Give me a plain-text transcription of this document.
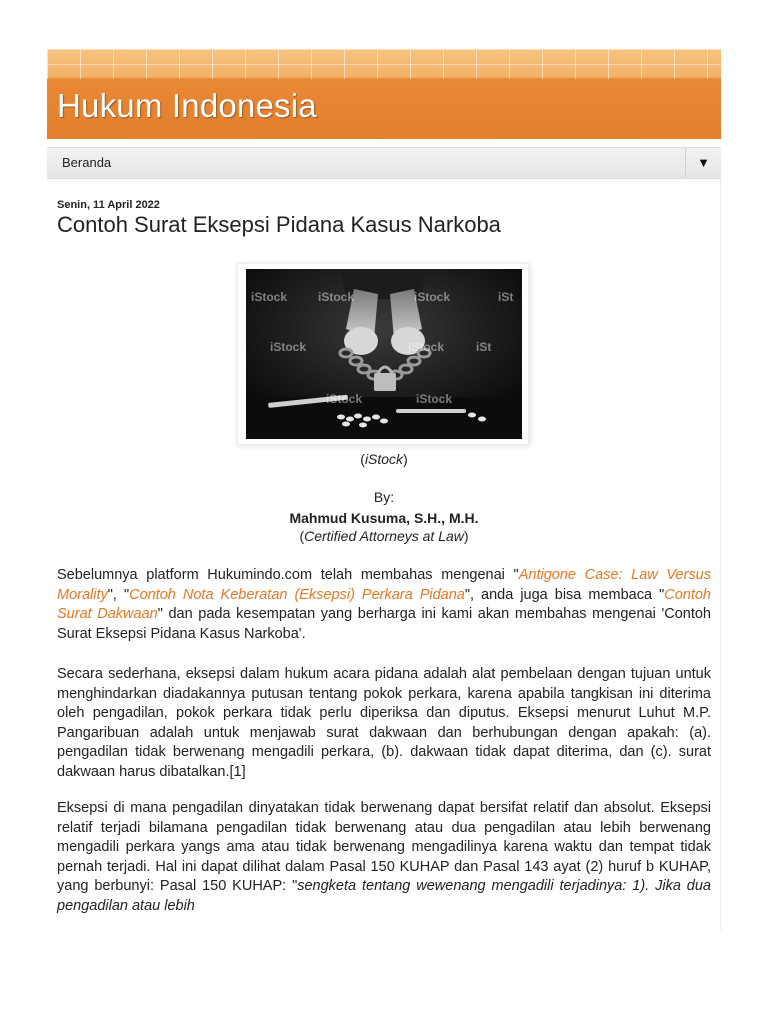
Hukum Indonesia
Beranda	▼
Senin, 11 April 2022
Contoh Surat Eksepsi Pidana Kasus Narkoba
iStock	iStock	iStock	iSt
iStock	iStock	iSt
iStock	iStock
(iStock)
By:
Mahmud Kusuma, S.H., M.H.
(Certified Attorneys at Law)

Sebelumnya platform Hukumindo.com telah membahas mengenai "Antigone Case: Law Versus Morality", "Contoh Nota Keberatan (Eksepsi) Perkara Pidana", anda juga bisa membaca "Contoh Surat Dakwaan" dan pada kesempatan yang berharga ini kami akan membahas mengenai 'Contoh Surat Eksepsi Pidana Kasus Narkoba'.

Secara sederhana, eksepsi dalam hukum acara pidana adalah alat pembelaan dengan tujuan untuk menghindarkan diadakannya putusan tentang pokok perkara, karena apabila tangkisan ini diterima oleh pengadilan, pokok perkara tidak perlu diperiksa dan diputus. Eksepsi menurut Luhut M.P. Pangaribuan adalah untuk menjawab surat dakwaan dan berhubungan dengan apakah: (a). pengadilan tidak berwenang mengadili perkara, (b). dakwaan tidak dapat diterima, dan (c). surat dakwaan harus dibatalkan.[1]

Eksepsi di mana pengadilan dinyatakan tidak berwenang dapat bersifat relatif dan absolut. Eksepsi relatif terjadi bilamana pengadilan tidak berwenang atau dua pengadilan atau lebih berwenang mengadili perkara yangs ama atau tidak berwenang mengadilinya karena waktu dan tempat tidak pernah terjadi. Hal ini dapat dilihat dalam Pasal 150 KUHAP dan Pasal 143 ayat (2) huruf b KUHAP, yang berbunyi: Pasal 150 KUHAP: "sengketa tentang wewenang mengadili terjadinya: 1). Jika dua pengadilan atau lebih
